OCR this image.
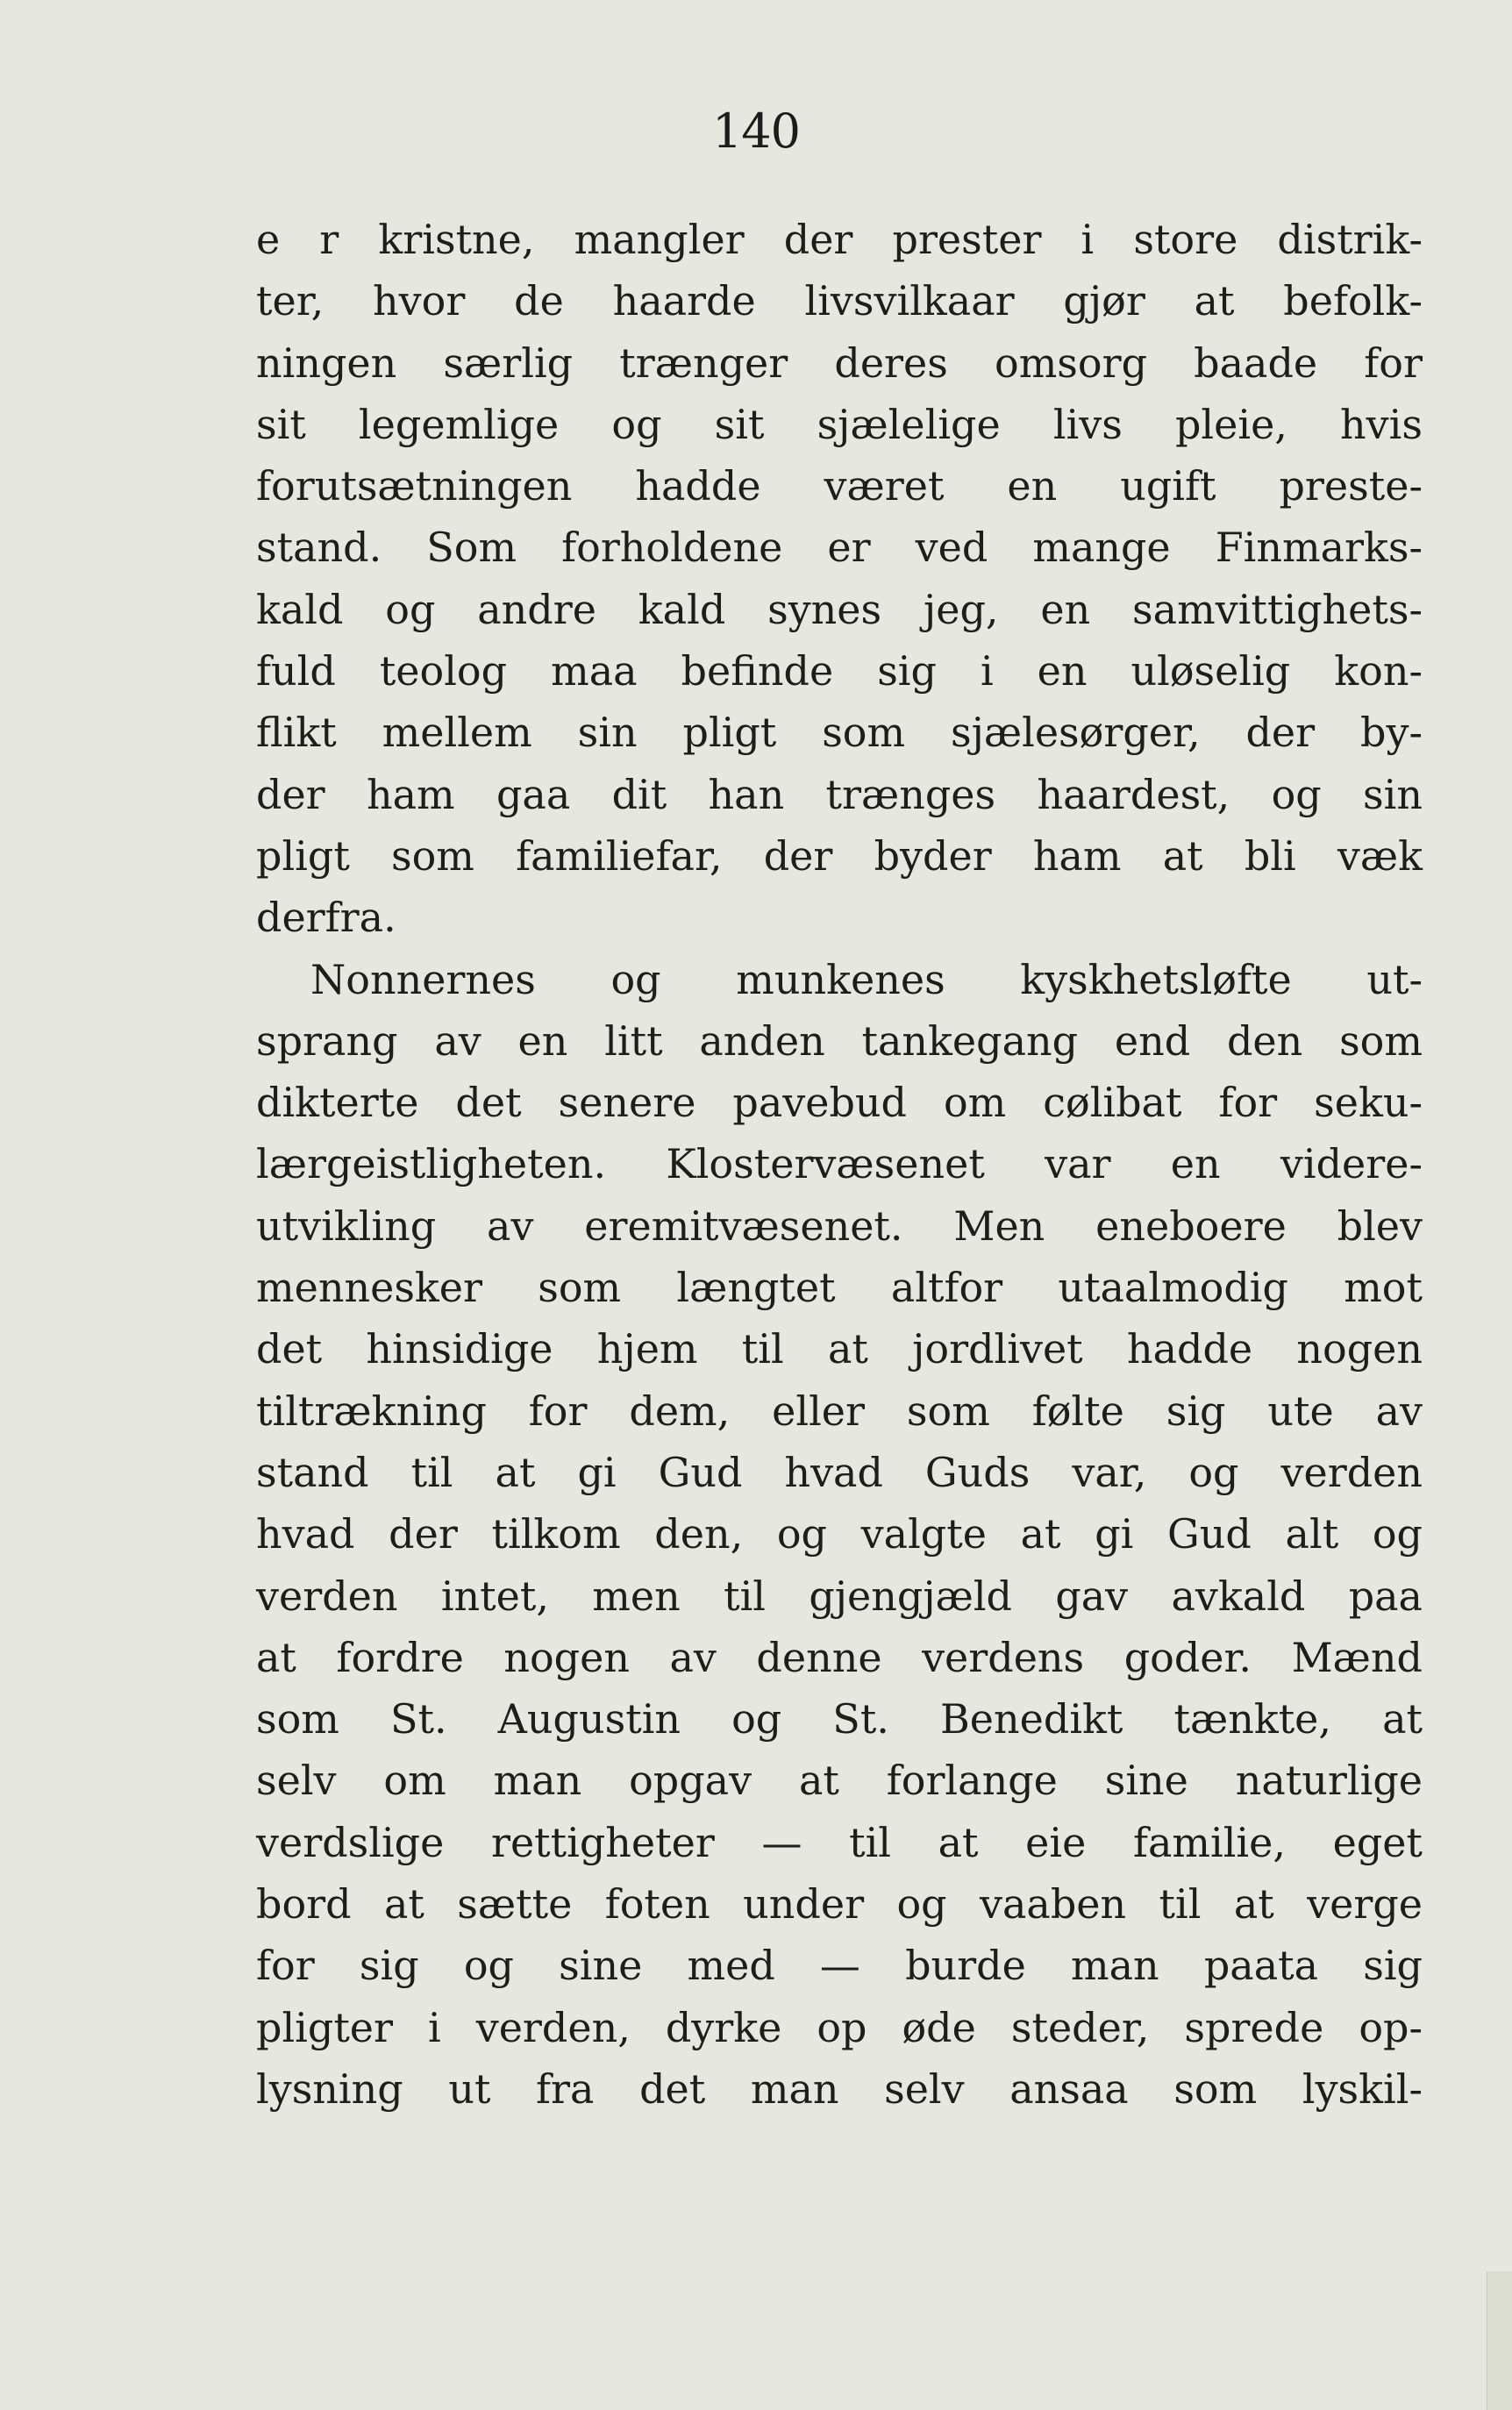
140
e r kristne, mangler der prester i store distrik-
ter, hvor de haarde livsvilkaar gjør at befolk-
ningen særlig trænger deres omsorg baade for
sit legemlige og sit sjælelige livs pleie, hvis
forutsætningen hadde været en ugift preste-
stand. Som forholdene er ved mange Finmarks-
kald og andre kald synes jeg, en samvittighets-
fuld teolog maa befinde sig i en uløselig kon-
flikt mellem sin pligt som sjælesørger, der by-
der ham gaa dit han trænges haardest, og sin
pligt som familiefar, der byder ham at bli væk
derfra.
Nonnernes og munkenes kyskhetsløfte ut-
sprang av en litt anden tankegang end den som
dikterte det senere pavebud om cølibat for seku-
lærgeistligheten. Klostervæsenet var en videre-
utvikling av eremitvæsenet. Men eneboere blev
mennesker som længtet altfor utaalmodig mot
det hinsidige hjem til at jordlivet hadde nogen
tiltrækning for dem, eller som følte sig ute av
stand til at gi Gud hvad Guds var, og verden
hvad der tilkom den, og valgte at gi Gud alt og
verden intet, men til gjengjæld gav avkald paa
at fordre nogen av denne verdens goder. Mænd
som St. Augustin og St. Benedikt tænkte, at
selv om man opgav at forlange sine naturlige
verdslige rettigheter — til at eie familie, eget
bord at sætte foten under og vaaben til at verge
for sig og sine med — burde man paata sig
pligter i verden, dyrke op øde steder, sprede op-
lysning ut fra det man selv ansaa som lyskil-
